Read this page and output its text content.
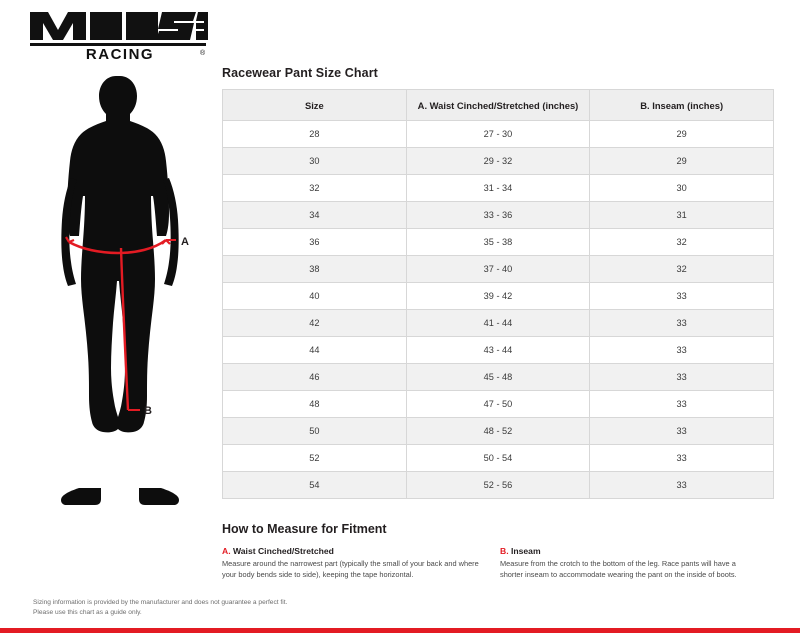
RACING	®
A
B
Racewear Pant Size Chart
Size	A. Waist Cinched/Stretched (inches)	B. Inseam (inches)
28	27 - 30	29
30	29 - 32	29
32	31 - 34	30
34	33 - 36	31
36	35 - 38	32
38	37 - 40	32
40	39 - 42	33
42	41 - 44	33
44	43 - 44	33
46	45 - 48	33
48	47 - 50	33
50	48 - 52	33
52	50 - 54	33
54	52 - 56	33
How to Measure for Fitment
A. Waist Cinched/Stretched
Measure around the narrowest part (typically the small of your back and where your body bends side to side), keeping the tape horizontal.
B. Inseam
Measure from the crotch to the bottom of the leg. Race pants will have a shorter inseam to accommodate wearing the pant on the inside of boots.
Sizing information is provided by the manufacturer and does not guarantee a perfect fit.
Please use this chart as a guide only.
